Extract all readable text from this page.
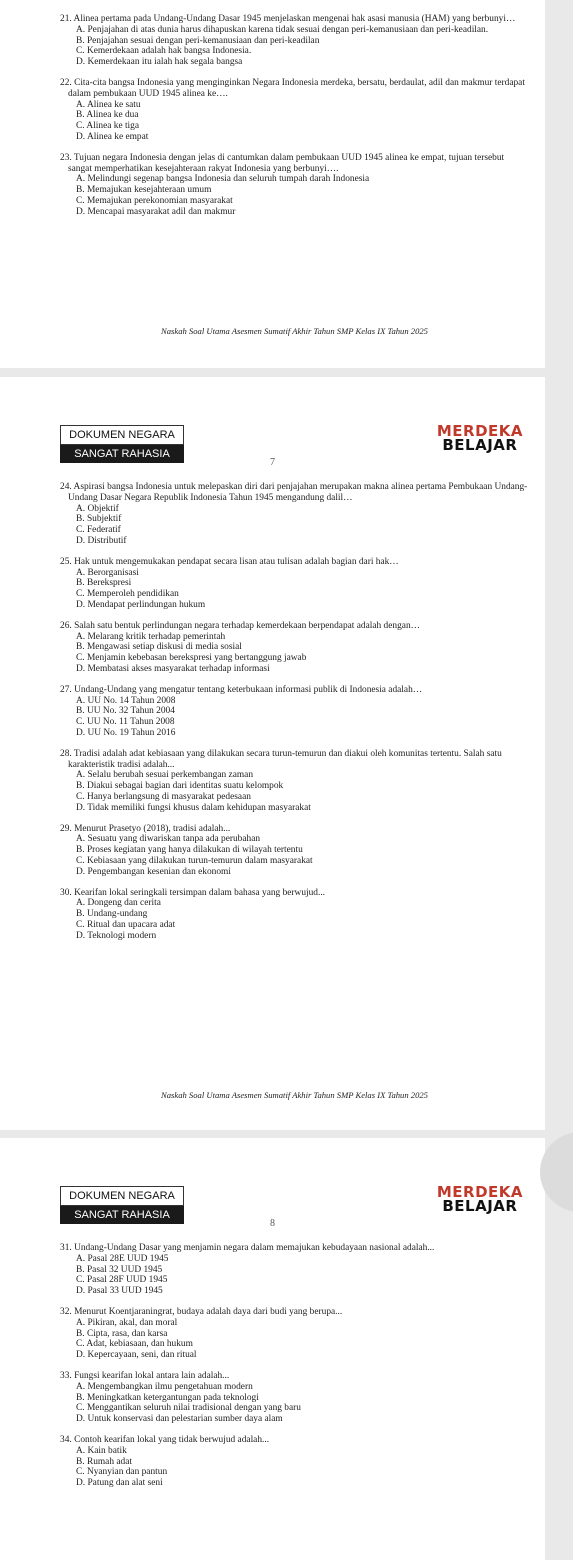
21. Alinea pertama pada Undang-Undang Dasar 1945 menjelaskan mengenai hak asasi manusia (HAM) yang berbunyi…
A. Penjajahan di atas dunia harus dihapuskan karena tidak sesuai dengan peri-kemanusiaan dan peri-keadilan.
B. Penjajahan sesuai dengan peri-kemanusiaan dan peri-keadilan
C. Kemerdekaan adalah hak bangsa Indonesia.
D. Kemerdekaan itu ialah hak segala bangsa
22. Cita-cita bangsa Indonesia yang menginginkan Negara Indonesia merdeka, bersatu, berdaulat, adil dan makmur terdapat dalam pembukaan UUD 1945 alinea ke….
A. Alinea ke satu
B. Alinea ke dua
C. Alinea ke tiga
D. Alinea ke empat
23. Tujuan negara Indonesia dengan jelas di cantumkan dalam pembukaan UUD 1945 alinea ke empat, tujuan tersebut sangat memperhatikan kesejahteraan rakyat Indonesia yang berbunyi….
A. Melindungi segenap bangsa Indonesia dan seluruh tumpah darah Indonesia
B. Memajukan kesejahteraan umum
C. Memajukan perekonomian masyarakat
D. Mencapai masyarakat adil dan makmur
Naskah Soal Utama Asesmen Sumatif Akhir Tahun SMP Kelas IX Tahun 2025
DOKUMEN NEGARA
SANGAT RAHASIA
MERDEKA
BELAJAR
7
24. Aspirasi bangsa Indonesia untuk melepaskan diri dari penjajahan merupakan makna alinea pertama Pembukaan Undang-Undang Dasar Negara Republik Indonesia Tahun 1945 mengandung dalil…
A. Objektif
B. Subjektif
C. Federatif
D. Distributif
25. Hak untuk mengemukakan pendapat secara lisan atau tulisan adalah bagian dari hak…
A. Berorganisasi
B. Berekspresi
C. Memperoleh pendidikan
D. Mendapat perlindungan hukum
26. Salah satu bentuk perlindungan negara terhadap kemerdekaan berpendapat adalah dengan…
A. Melarang kritik terhadap pemerintah
B. Mengawasi setiap diskusi di media sosial
C. Menjamin kebebasan berekspresi yang bertanggung jawab
D. Membatasi akses masyarakat terhadap informasi
27. Undang-Undang yang mengatur tentang keterbukaan informasi publik di Indonesia adalah…
A. UU No. 14 Tahun 2008
B. UU No. 32 Tahun 2004
C. UU No. 11 Tahun 2008
D. UU No. 19 Tahun 2016
28. Tradisi adalah adat kebiasaan yang dilakukan secara turun-temurun dan diakui oleh komunitas tertentu. Salah satu karakteristik tradisi adalah...
A. Selalu berubah sesuai perkembangan zaman
B. Diakui sebagai bagian dari identitas suatu kelompok
C. Hanya berlangsung di masyarakat pedesaan
D. Tidak memiliki fungsi khusus dalam kehidupan masyarakat
29. Menurut Prasetyo (2018), tradisi adalah...
A. Sesuatu yang diwariskan tanpa ada perubahan
B. Proses kegiatan yang hanya dilakukan di wilayah tertentu
C. Kebiasaan yang dilakukan turun-temurun dalam masyarakat
D. Pengembangan kesenian dan ekonomi
30. Kearifan lokal seringkali tersimpan dalam bahasa yang berwujud...
A. Dongeng dan cerita
B. Undang-undang
C. Ritual dan upacara adat
D. Teknologi modern
Naskah Soal Utama Asesmen Sumatif Akhir Tahun SMP Kelas IX Tahun 2025
DOKUMEN NEGARA
SANGAT RAHASIA
MERDEKA
BELAJAR
8
31. Undang-Undang Dasar yang menjamin negara dalam memajukan kebudayaan nasional adalah...
A. Pasal 28E UUD 1945
B. Pasal 32 UUD 1945
C. Pasal 28F UUD 1945
D. Pasal 33 UUD 1945
32. Menurut Koentjaraningrat, budaya adalah daya dari budi yang berupa...
A. Pikiran, akal, dan moral
B. Cipta, rasa, dan karsa
C. Adat, kebiasaan, dan hukum
D. Kepercayaan, seni, dan ritual
33. Fungsi kearifan lokal antara lain adalah...
A. Mengembangkan ilmu pengetahuan modern
B. Meningkatkan ketergantungan pada teknologi
C. Menggantikan seluruh nilai tradisional dengan yang baru
D. Untuk konservasi dan pelestarian sumber daya alam
34. Contoh kearifan lokal yang tidak berwujud adalah...
A. Kain batik
B. Rumah adat
C. Nyanyian dan pantun
D. Patung dan alat seni
